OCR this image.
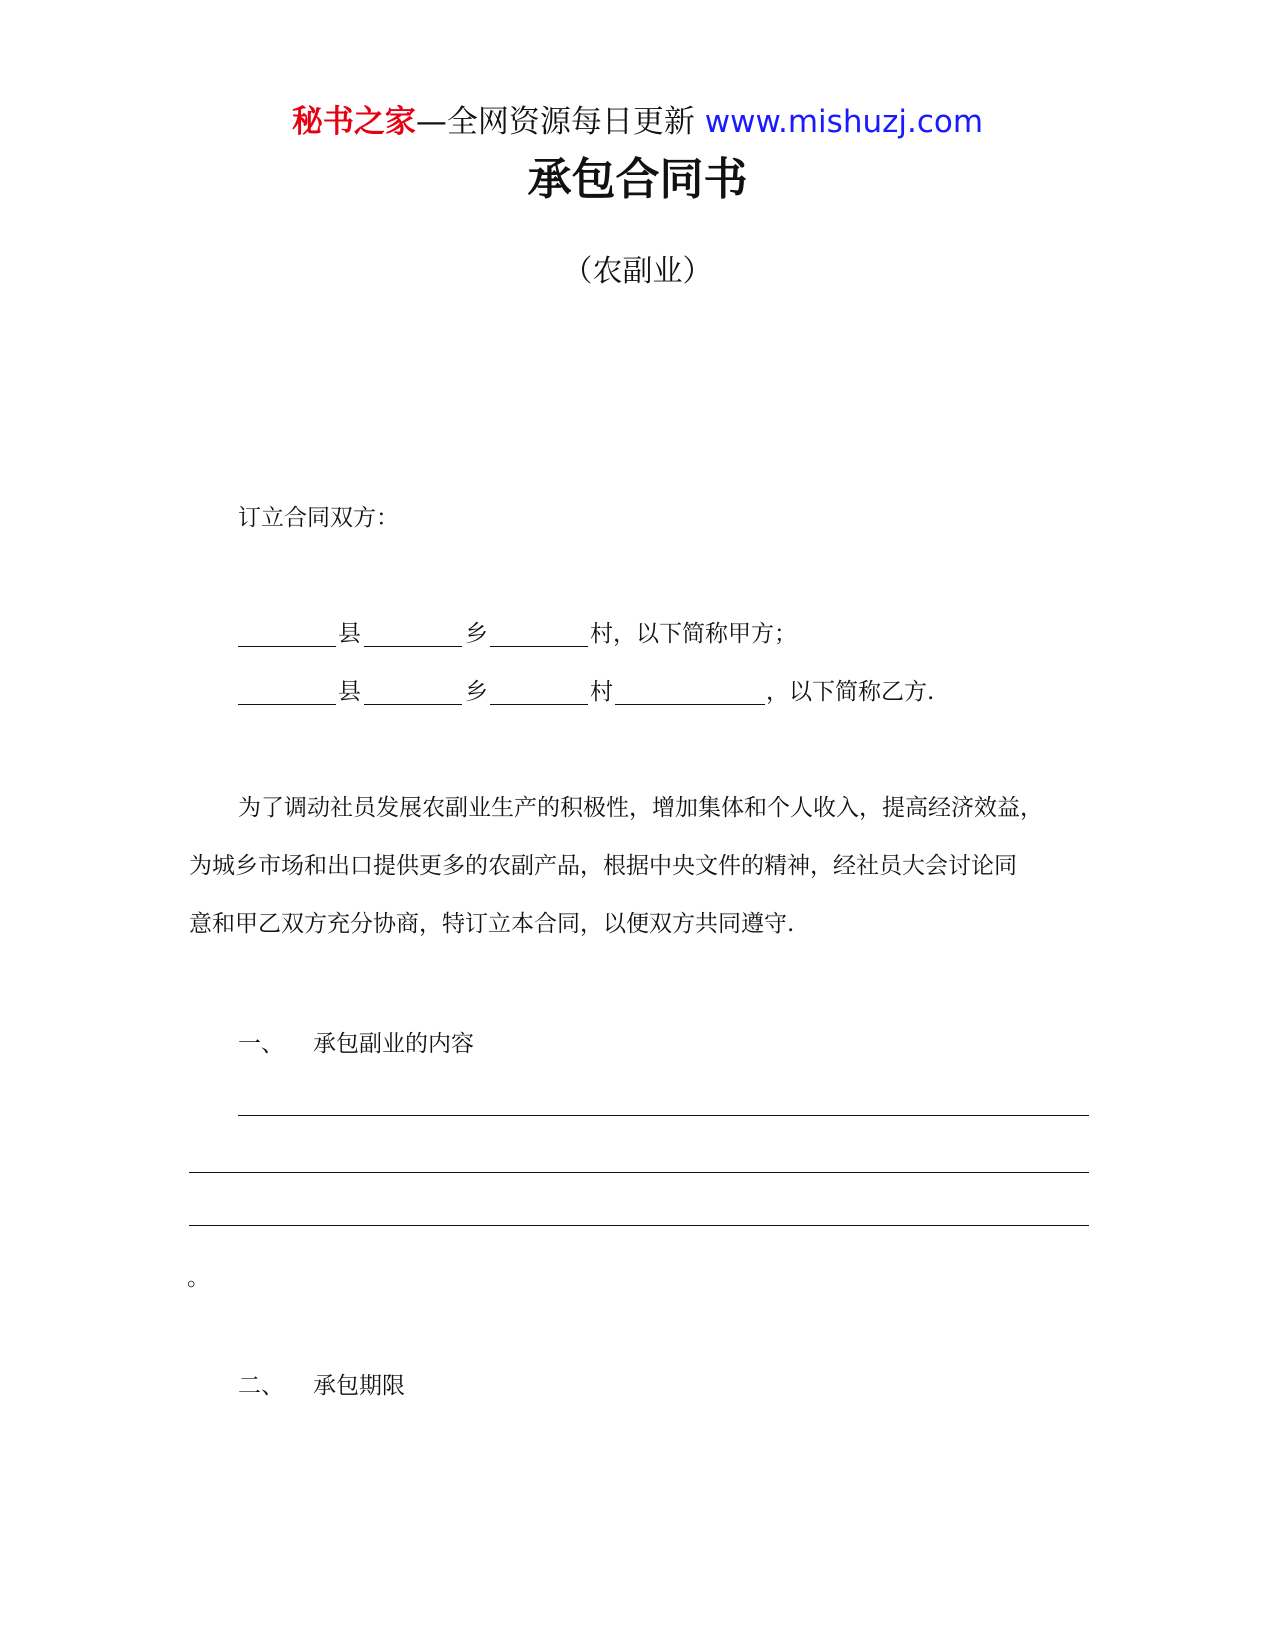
秘书之家—全网资源每日更新 www.mishuzj.com
承包合同书
（农副业）
订立合同双方：
县	乡	村，以下简称甲方；
县	乡	村	，以下简称乙方.
为了调动社员发展农副业生产的积极性，增加集体和个人收入，提高经济效益，
为城乡市场和出口提供更多的农副产品，根据中央文件的精神，经社员大会讨论同
意和甲乙双方充分协商，特订立本合同，以便双方共同遵守.
一、 承包副业的内容
。
二、 承包期限
